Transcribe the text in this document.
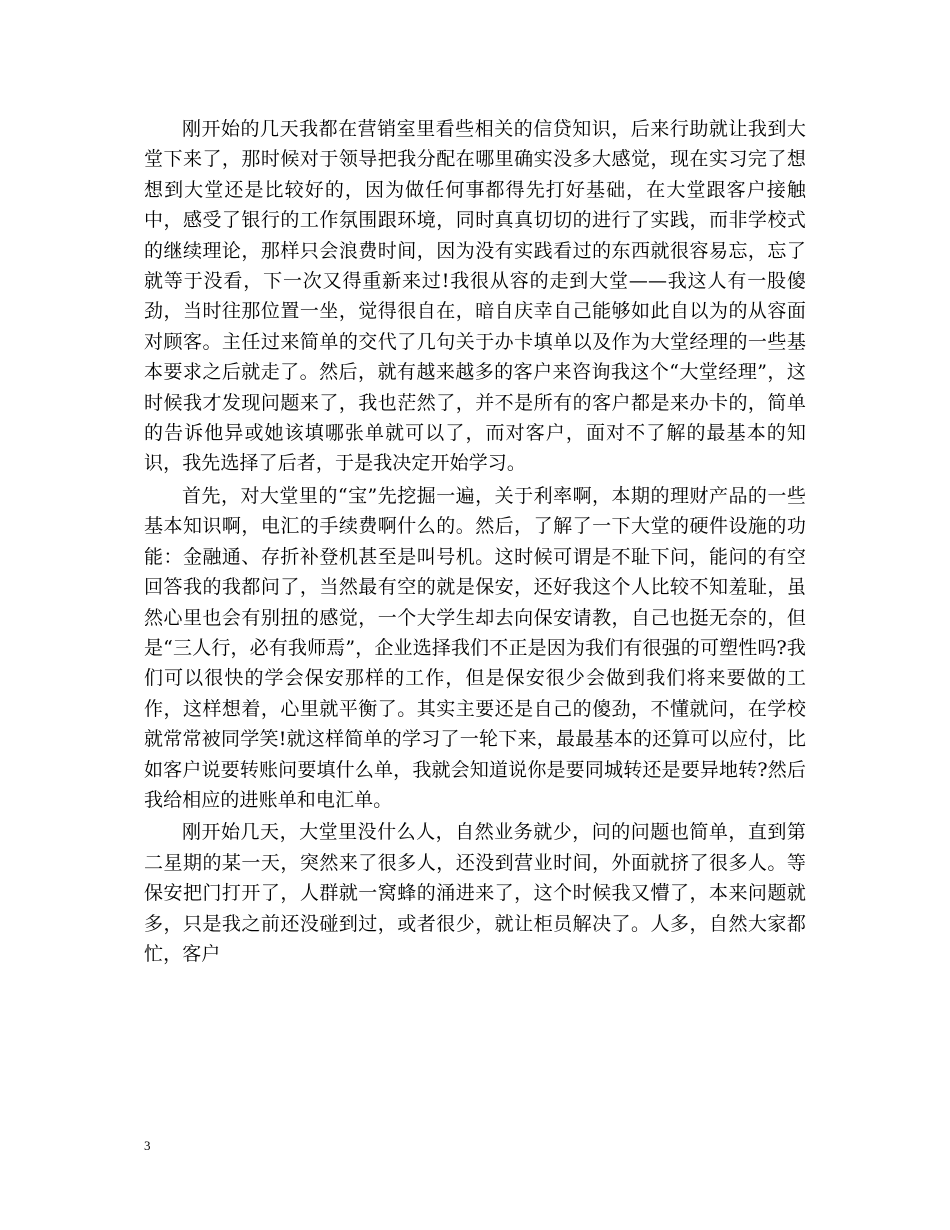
刚开始的几天我都在营销室里看些相关的信贷知识，后来行助就让我到大堂下来了，那时候对于领导把我分配在哪里确实没多大感觉，现在实习完了想想到大堂还是比较好的，因为做任何事都得先打好基础，在大堂跟客户接触中，感受了银行的工作氛围跟环境，同时真真切切的进行了实践，而非学校式的继续理论，那样只会浪费时间，因为没有实践看过的东西就很容易忘，忘了就等于没看，下一次又得重新来过!我很从容的走到大堂——我这人有一股傻劲，当时往那位置一坐，觉得很自在，暗自庆幸自己能够如此自以为的从容面对顾客。主任过来简单的交代了几句关于办卡填单以及作为大堂经理的一些基本要求之后就走了。然后，就有越来越多的客户来咨询我这个“大堂经理”，这时候我才发现问题来了，我也茫然了，并不是所有的客户都是来办卡的，简单的告诉他异或她该填哪张单就可以了，而对客户，面对不了解的最基本的知识，我先选择了后者，于是我决定开始学习。

首先，对大堂里的“宝”先挖掘一遍，关于利率啊，本期的理财产品的一些基本知识啊，电汇的手续费啊什么的。然后，了解了一下大堂的硬件设施的功能：金融通、存折补登机甚至是叫号机。这时候可谓是不耻下问，能问的有空回答我的我都问了，当然最有空的就是保安，还好我这个人比较不知羞耻，虽然心里也会有别扭的感觉，一个大学生却去向保安请教，自己也挺无奈的，但是“三人行，必有我师焉”，企业选择我们不正是因为我们有很强的可塑性吗?我们可以很快的学会保安那样的工作，但是保安很少会做到我们将来要做的工作，这样想着，心里就平衡了。其实主要还是自己的傻劲，不懂就问，在学校就常常被同学笑!就这样简单的学习了一轮下来，最最基本的还算可以应付，比如客户说要转账问要填什么单，我就会知道说你是要同城转还是要异地转?然后我给相应的进账单和电汇单。

刚开始几天，大堂里没什么人，自然业务就少，问的问题也简单，直到第二星期的某一天，突然来了很多人，还没到营业时间，外面就挤了很多人。等保安把门打开了，人群就一窝蜂的涌进来了，这个时候我又懵了，本来问题就多，只是我之前还没碰到过，或者很少，就让柜员解决了。人多，自然大家都忙，客户

3
